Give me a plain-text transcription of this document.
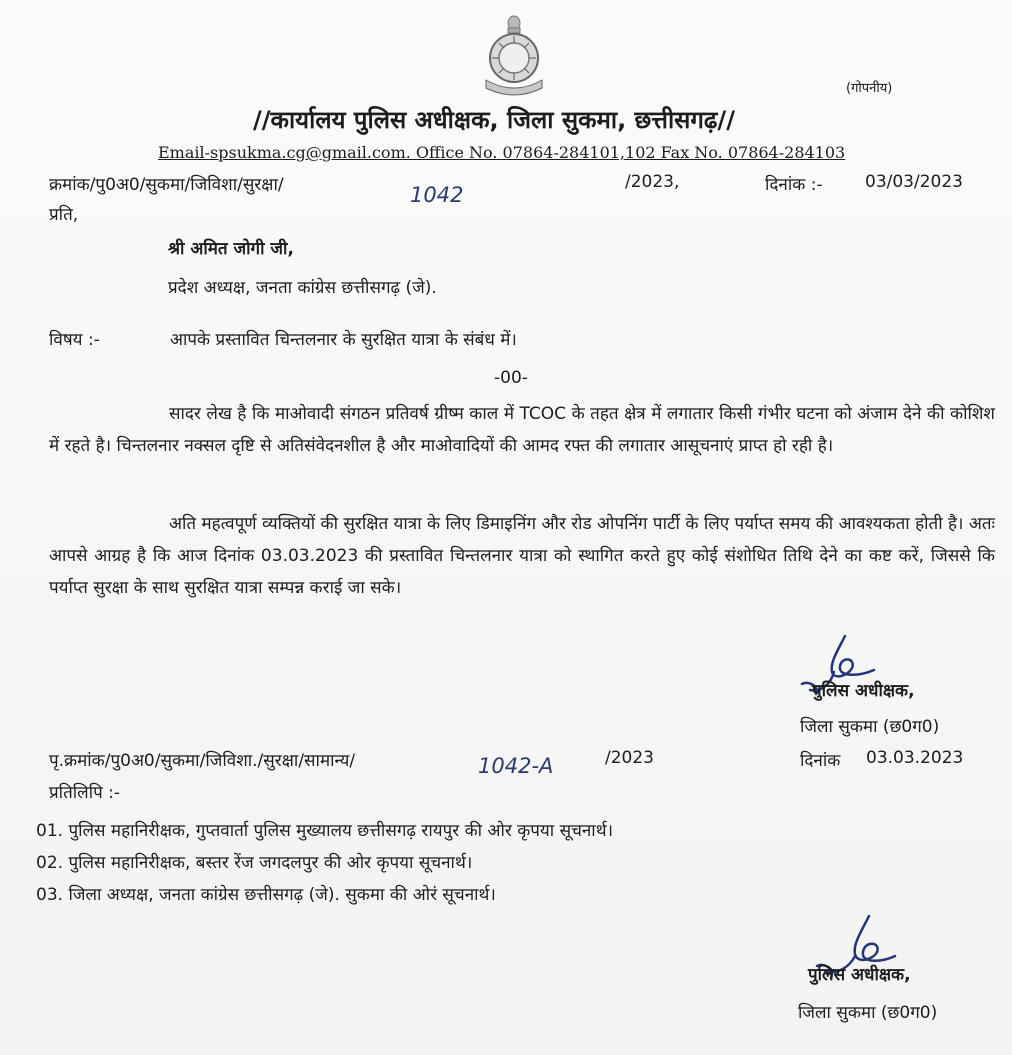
(गोपनीय)
//कार्यालय पुलिस अधीक्षक, जिला सुकमा, छत्तीसगढ़//
Email-spsukma.cg@gmail.com. Office No. 07864-284101,102 Fax No. 07864-284103
क्रमांक/पु0अ0/सुकमा/जिविशा/सुरक्षा/	1042
/2023,	दिनांक :- 03/03/2023
प्रति,
श्री अमित जोगी जी,
प्रदेश अध्यक्ष, जनता कांग्रेस छत्तीसगढ़ (जे).
विषय :-	आपके प्रस्तावित चिन्तलनार के सुरक्षित यात्रा के संबंध में।
-00-

सादर लेख है कि माओवादी संगठन प्रतिवर्ष ग्रीष्म काल में TCOC के तहत क्षेत्र में लगातार किसी गंभीर घटना को अंजाम देने की कोशिश में रहते है। चिन्तलनार नक्सल दृष्टि से अतिसंवेदनशील है और माओवादियों की आमद रफ्त की लगातार आसूचनाएं प्राप्त हो रही है।

अति महत्वपूर्ण व्यक्तियों की सुरक्षित यात्रा के लिए डिमाइनिंग और रोड ओपनिंग पार्टी के लिए पर्याप्त समय की आवश्यकता होती है। अतः आपसे आग्रह है कि आज दिनांक 03.03.2023 की प्रस्तावित चिन्तलनार यात्रा को स्थागित करते हुए कोई संशोधित तिथि देने का कष्ट करें, जिससे कि पर्याप्त सुरक्षा के साथ सुरक्षित यात्रा सम्पन्न कराई जा सके।

पुलिस अधीक्षक,
जिला सुकमा (छ0ग0)
पृ.क्रमांक/पु0अ0/सुकमा/जिविशा./सुरक्षा/सामान्य/	1042-A	/2023	दिनांक 03.03.2023
प्रतिलिपि :-
01. पुलिस महानिरीक्षक, गुप्तवार्ता पुलिस मुख्यालय छत्तीसगढ़ रायपुर की ओर कृपया सूचनार्थ।
02. पुलिस महानिरीक्षक, बस्तर रेंज जगदलपुर की ओर कृपया सूचनार्थ।
03. जिला अध्यक्ष, जनता कांग्रेस छत्तीसगढ़ (जे). सुकमा की ओरं सूचनार्थ।
पुलिस अधीक्षक,
जिला सुकमा (छ0ग0)
